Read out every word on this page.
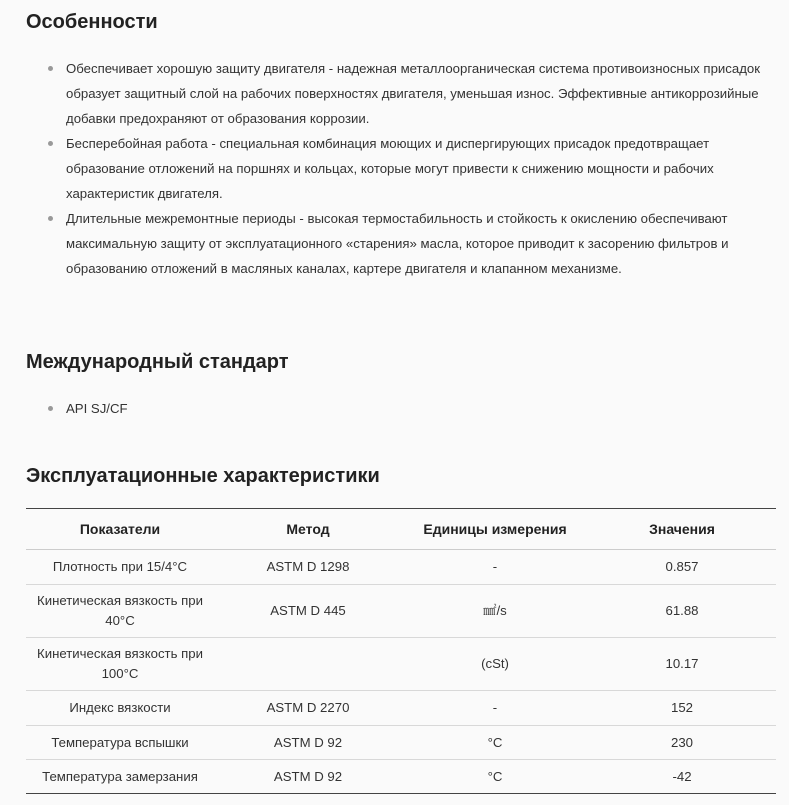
Особенности
Обеспечивает хорошую защиту двигателя - надежная металлоорганическая система противоизносных присадок образует защитный слой на рабочих поверхностях двигателя, уменьшая износ. Эффективные антикоррозийные добавки предохраняют от образования коррозии.
Бесперебойная работа - специальная комбинация моющих и диспергирующих присадок предотвращает образование отложений на поршнях и кольцах, которые могут привести к снижению мощности и рабочих характеристик двигателя.
Длительные межремонтные периоды - высокая термостабильность и стойкость к окислению обеспечивают максимальную защиту от эксплуатационного «старения» масла, которое приводит к засорению фильтров и образованию отложений в масляных каналах, картере двигателя и клапанном механизме.
Международный стандарт
API SJ/CF
Эксплуатационные характеристики
Показатели	Метод	Единицы измерения	Значения
Плотность при 15/4°C	ASTM D 1298	-	0.857
Кинетическая вязкость при 40°C	ASTM D 445	㎟/s	61.88
Кинетическая вязкость при 100°C		(cSt)	10.17
Индекс вязкости	ASTM D 2270	-	152
Температура вспышки	ASTM D 92	°C	230
Температура замерзания	ASTM D 92	°C	-42
